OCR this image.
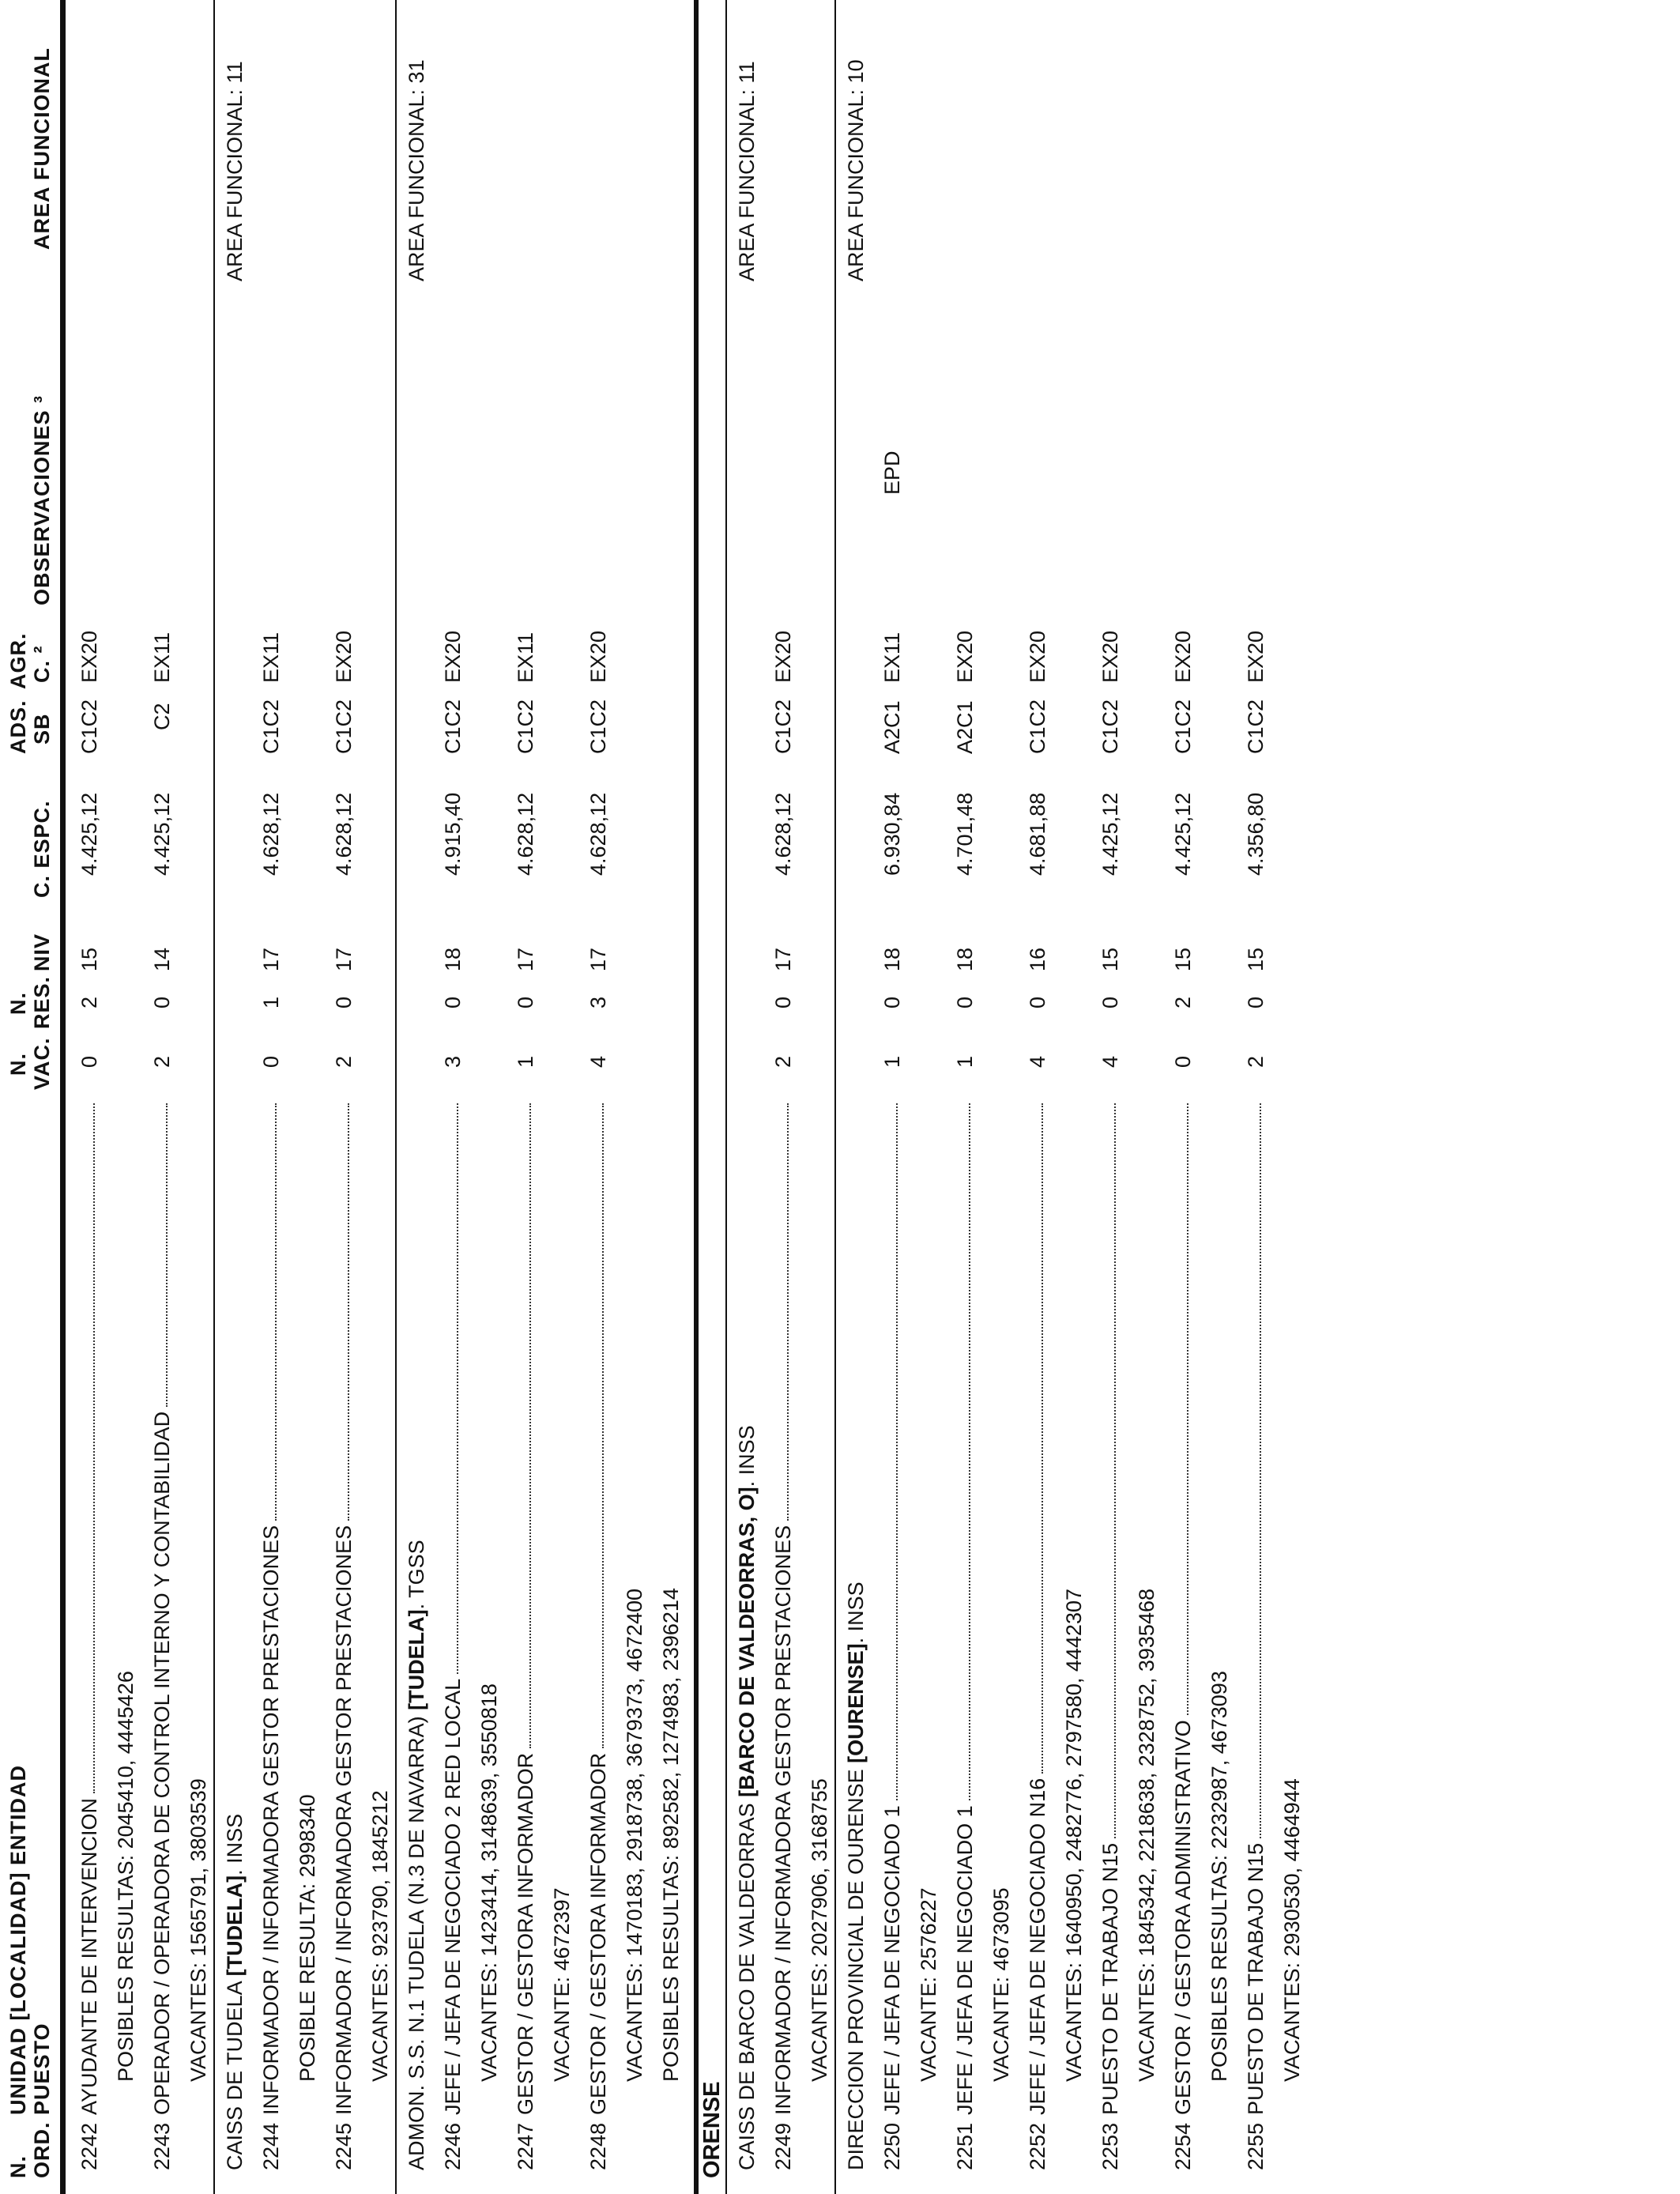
N. ORD.
UNIDAD [LOCALIDAD] ENTIDAD PUESTO
N. VAC.
N. RES.
NIV
C. ESPC.
ADS. SB
AGR. C. ²
OBSERVACIONES ³
AREA FUNCIONAL
2242
AYUDANTE DE INTERVENCION
0
2
15
4.425,12
C1C2
EX20
POSIBLES RESULTAS: 2045410, 4445426
2243
OPERADOR / OPERADORA DE CONTROL INTERNO Y CONTABILIDAD
2
0
14
4.425,12
C2
EX11
VACANTES: 1565791, 3803539 CAISS DE TUDELA [TUDELA]. INSS
AREA FUNCIONAL: 11
2244
INFORMADOR / INFORMADORA GESTOR PRESTACIONES
0
1
17
4.628,12
C1C2
EX11
POSIBLE RESULTA: 2998340
2245
INFORMADOR / INFORMADORA GESTOR PRESTACIONES
2
0
17
4.628,12
C1C2
EX20
VACANTES: 923790, 1845212 ADMON. S.S. N.1 TUDELA (N.3 DE NAVARRA) [TUDELA]. TGSS
AREA FUNCIONAL: 31
2246
JEFE / JEFA DE NEGOCIADO 2 RED LOCAL
3
0
18
4.915,40
C1C2
EX20
VACANTES: 1423414, 3148639, 3550818
2247
GESTOR / GESTORA INFORMADOR
1
0
17
4.628,12
C1C2
EX11
VACANTE: 4672397
2248
GESTOR / GESTORA INFORMADOR
4
3
17
4.628,12
C1C2
EX20
VACANTES: 1470183, 2918738, 3679373, 4672400 POSIBLES RESULTAS: 892582, 1274983, 2396214
ORENSE CAISS DE BARCO DE VALDEORRAS [BARCO DE VALDEORRAS, O]. INSS
AREA FUNCIONAL: 11
2249
INFORMADOR / INFORMADORA GESTOR PRESTACIONES
2
0
17
4.628,12
C1C2
EX20
VACANTES: 2027906, 3168755 DIRECCION PROVINCIAL DE OURENSE [OURENSE]. INSS
AREA FUNCIONAL: 10
2250
JEFE / JEFA DE NEGOCIADO 1
1
0
18
6.930,84
A2C1
EX11
EPD
VACANTE: 2576227
2251
JEFE / JEFA DE NEGOCIADO 1
1
0
18
4.701,48
A2C1
EX20
VACANTE: 4673095
2252
JEFE / JEFA DE NEGOCIADO N16
4
0
16
4.681,88
C1C2
EX20
VACANTES: 1640950, 2482776, 2797580, 4442307
2253
PUESTO DE TRABAJO N15
4
0
15
4.425,12
C1C2
EX20
VACANTES: 1845342, 2218638, 2328752, 3935468
2254
GESTOR / GESTORA ADMINISTRATIVO
0
2
15
4.425,12
C1C2
EX20
POSIBLES RESULTAS: 2232987, 4673093
2255
PUESTO DE TRABAJO N15
2
0
15
4.356,80
C1C2
EX20
VACANTES: 2930530, 4464944
